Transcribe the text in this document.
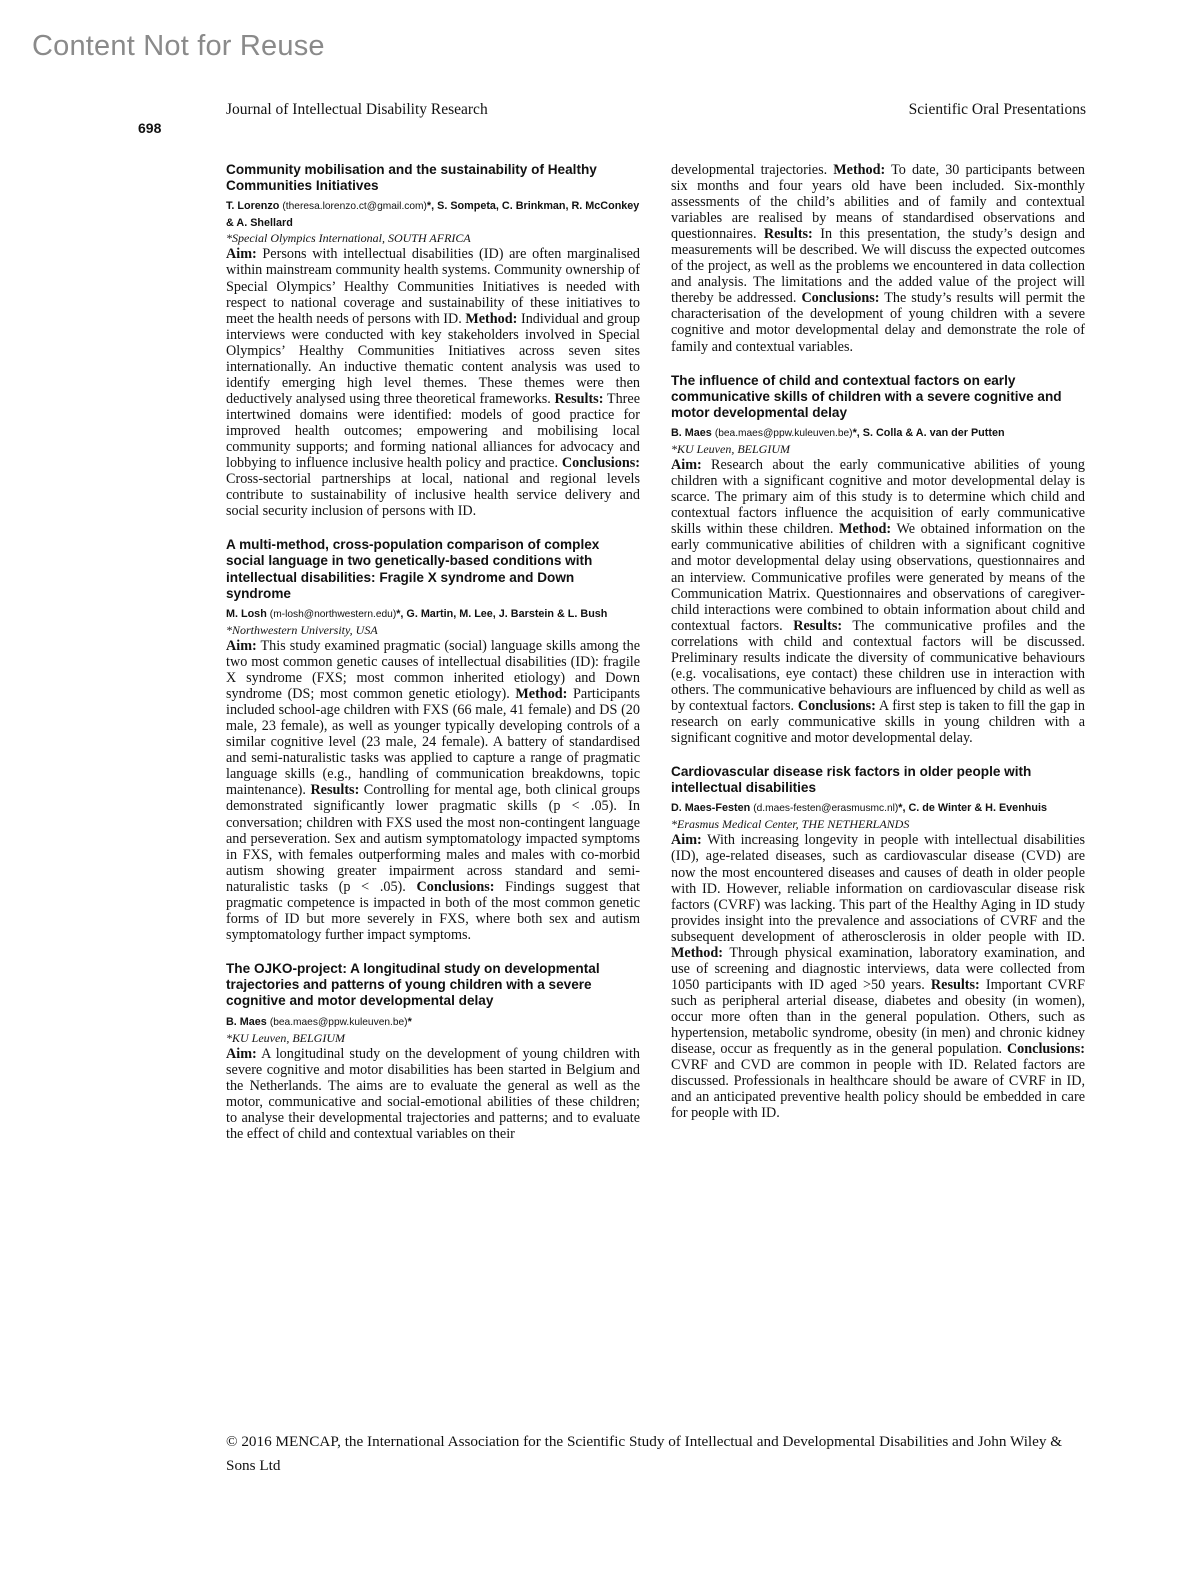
Content Not for Reuse
698
Journal of Intellectual Disability Research	Scientific Oral Presentations
Community mobilisation and the sustainability of Healthy Communities Initiatives
T. Lorenzo (theresa.lorenzo.ct@gmail.com)*, S. Sompeta, C. Brinkman, R. McConkey & A. Shellard
*Special Olympics International, SOUTH AFRICA
Aim: Persons with intellectual disabilities (ID) are often marginalised within mainstream community health systems. Community ownership of Special Olympics’ Healthy Communities Initiatives is needed with respect to national coverage and sustainability of these initiatives to meet the health needs of persons with ID. Method: Individual and group interviews were conducted with key stakeholders involved in Special Olympics’ Healthy Communities Initiatives across seven sites internationally. An inductive thematic content analysis was used to identify emerging high level themes. These themes were then deductively analysed using three theoretical frameworks. Results: Three intertwined domains were identified: models of good practice for improved health outcomes; empowering and mobilising local community supports; and forming national alliances for advocacy and lobbying to influence inclusive health policy and practice. Conclusions: Cross-sectorial partnerships at local, national and regional levels contribute to sustainability of inclusive health service delivery and social security inclusion of persons with ID.
A multi-method, cross-population comparison of complex social language in two genetically-based conditions with intellectual disabilities: Fragile X syndrome and Down syndrome
M. Losh (m-losh@northwestern.edu)*, G. Martin, M. Lee, J. Barstein & L. Bush
*Northwestern University, USA
Aim: This study examined pragmatic (social) language skills among the two most common genetic causes of intellectual disabilities (ID): fragile X syndrome (FXS; most common inherited etiology) and Down syndrome (DS; most common genetic etiology). Method: Participants included school-age children with FXS (66 male, 41 female) and DS (20 male, 23 female), as well as younger typically developing controls of a similar cognitive level (23 male, 24 female). A battery of standardised and semi-naturalistic tasks was applied to capture a range of pragmatic language skills (e.g., handling of communication breakdowns, topic maintenance). Results: Controlling for mental age, both clinical groups demonstrated significantly lower pragmatic skills (p < .05). In conversation; children with FXS used the most non-contingent language and perseveration. Sex and autism symptomatology impacted symptoms in FXS, with females outperforming males and males with co-morbid autism showing greater impairment across standard and semi-naturalistic tasks (p < .05). Conclusions: Findings suggest that pragmatic competence is impacted in both of the most common genetic forms of ID but more severely in FXS, where both sex and autism symptomatology further impact symptoms.
The OJKO-project: A longitudinal study on developmental trajectories and patterns of young children with a severe cognitive and motor developmental delay
B. Maes (bea.maes@ppw.kuleuven.be)*
*KU Leuven, BELGIUM
Aim: A longitudinal study on the development of young children with severe cognitive and motor disabilities has been started in Belgium and the Netherlands. The aims are to evaluate the general as well as the motor, communicative and social-emotional abilities of these children; to analyse their developmental trajectories and patterns; and to evaluate the effect of child and contextual variables on their
developmental trajectories. Method: To date, 30 participants between six months and four years old have been included. Six-monthly assessments of the child’s abilities and of family and contextual variables are realised by means of standardised observations and questionnaires. Results: In this presentation, the study’s design and measurements will be described. We will discuss the expected outcomes of the project, as well as the problems we encountered in data collection and analysis. The limitations and the added value of the project will thereby be addressed. Conclusions: The study’s results will permit the characterisation of the development of young children with a severe cognitive and motor developmental delay and demonstrate the role of family and contextual variables.
The influence of child and contextual factors on early communicative skills of children with a severe cognitive and motor developmental delay
B. Maes (bea.maes@ppw.kuleuven.be)*, S. Colla & A. van der Putten
*KU Leuven, BELGIUM
Aim: Research about the early communicative abilities of young children with a significant cognitive and motor developmental delay is scarce. The primary aim of this study is to determine which child and contextual factors influence the acquisition of early communicative skills within these children. Method: We obtained information on the early communicative abilities of children with a significant cognitive and motor developmental delay using observations, questionnaires and an interview. Communicative profiles were generated by means of the Communication Matrix. Questionnaires and observations of caregiver-child interactions were combined to obtain information about child and contextual factors. Results: The communicative profiles and the correlations with child and contextual factors will be discussed. Preliminary results indicate the diversity of communicative behaviours (e.g. vocalisations, eye contact) these children use in interaction with others. The communicative behaviours are influenced by child as well as by contextual factors. Conclusions: A first step is taken to fill the gap in research on early communicative skills in young children with a significant cognitive and motor developmental delay.
Cardiovascular disease risk factors in older people with intellectual disabilities
D. Maes-Festen (d.maes-festen@erasmusmc.nl)*, C. de Winter & H. Evenhuis
*Erasmus Medical Center, THE NETHERLANDS
Aim: With increasing longevity in people with intellectual disabilities (ID), age-related diseases, such as cardiovascular disease (CVD) are now the most encountered diseases and causes of death in older people with ID. However, reliable information on cardiovascular disease risk factors (CVRF) was lacking. This part of the Healthy Aging in ID study provides insight into the prevalence and associations of CVRF and the subsequent development of atherosclerosis in older people with ID. Method: Through physical examination, laboratory examination, and use of screening and diagnostic interviews, data were collected from 1050 participants with ID aged >50 years. Results: Important CVRF such as peripheral arterial disease, diabetes and obesity (in women), occur more often than in the general population. Others, such as hypertension, metabolic syndrome, obesity (in men) and chronic kidney disease, occur as frequently as in the general population. Conclusions: CVRF and CVD are common in people with ID. Related factors are discussed. Professionals in healthcare should be aware of CVRF in ID, and an anticipated preventive health policy should be embedded in care for people with ID.
© 2016 MENCAP, the International Association for the Scientific Study of Intellectual and Developmental Disabilities and John Wiley & Sons Ltd
